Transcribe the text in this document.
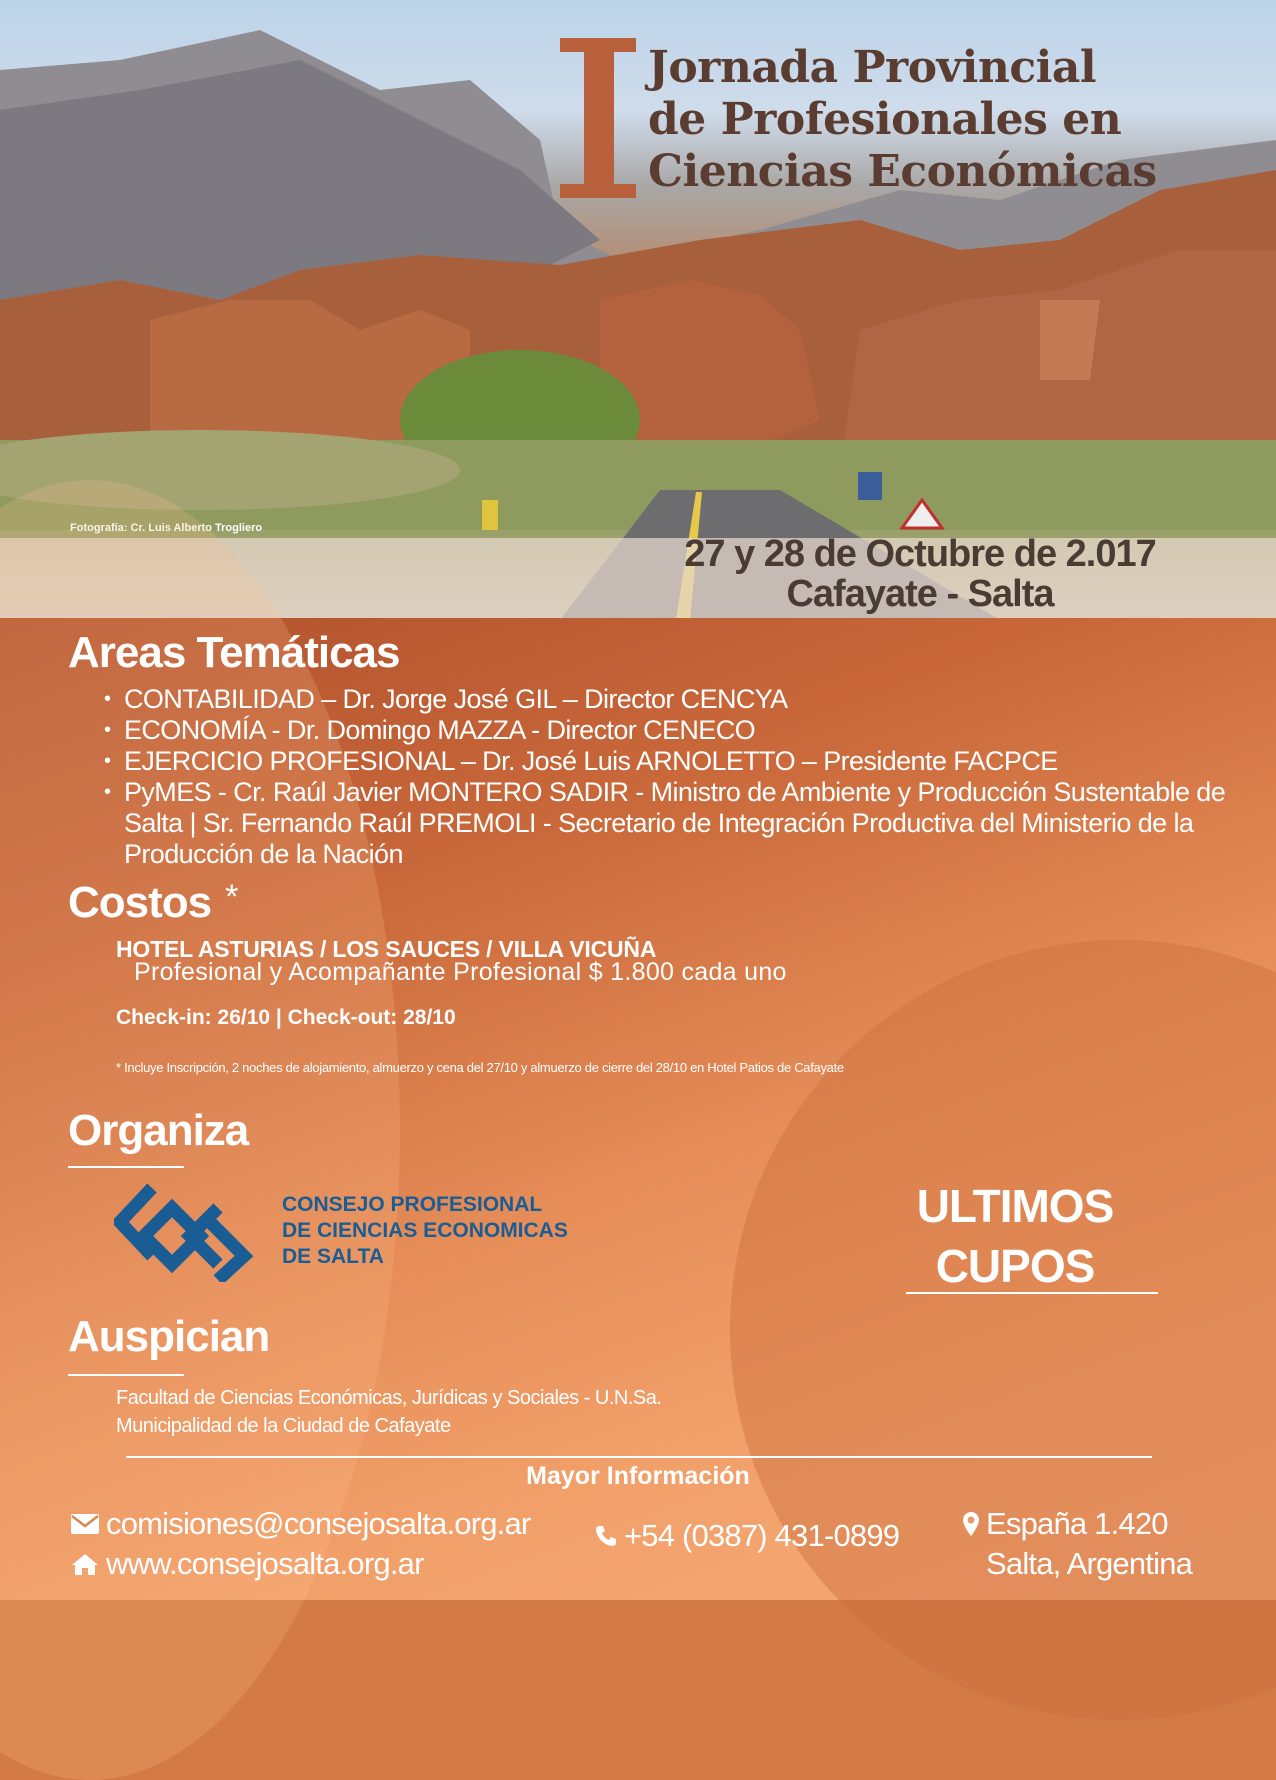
Fotografía: Cr. Luis Alberto Trogliero
Jornada Provincial
de Profesionales en
Ciencias Económicas
27 y 28 de Octubre de 2.017
Cafayate - Salta
Areas Temáticas
• CONTABILIDAD – Dr. Jorge José GIL – Director CENCYA
• ECONOMÍA - Dr. Domingo MAZZA - Director CENECO
• EJERCICIO PROFESIONAL – Dr. José Luis ARNOLETTO – Presidente FACPCE
• PyMES - Cr. Raúl Javier MONTERO SADIR - Ministro de Ambiente y Producción Sustentable de Salta | Sr. Fernando Raúl PREMOLI - Secretario de Integración Productiva del Ministerio de la Producción de la Nación
Costos *
HOTEL ASTURIAS / LOS SAUCES / VILLA VICUÑA
Profesional y Acompañante Profesional $ 1.800 cada uno
Check-in: 26/10 | Check-out: 28/10
* Incluye Inscripción, 2 noches de alojamiento, almuerzo y cena del 27/10 y almuerzo de cierre del 28/10 en Hotel Patios de Cafayate
Organiza
CONSEJO PROFESIONAL
DE CIENCIAS ECONOMICAS
DE SALTA
ULTIMOS
CUPOS
Auspician
Facultad de Ciencias Económicas, Jurídicas y Sociales - U.N.Sa.
Municipalidad de la Ciudad de Cafayate
Mayor Información
comisiones@consejosalta.org.ar
www.consejosalta.org.ar
+54 (0387) 431-0899	España 1.420
Salta, Argentina
